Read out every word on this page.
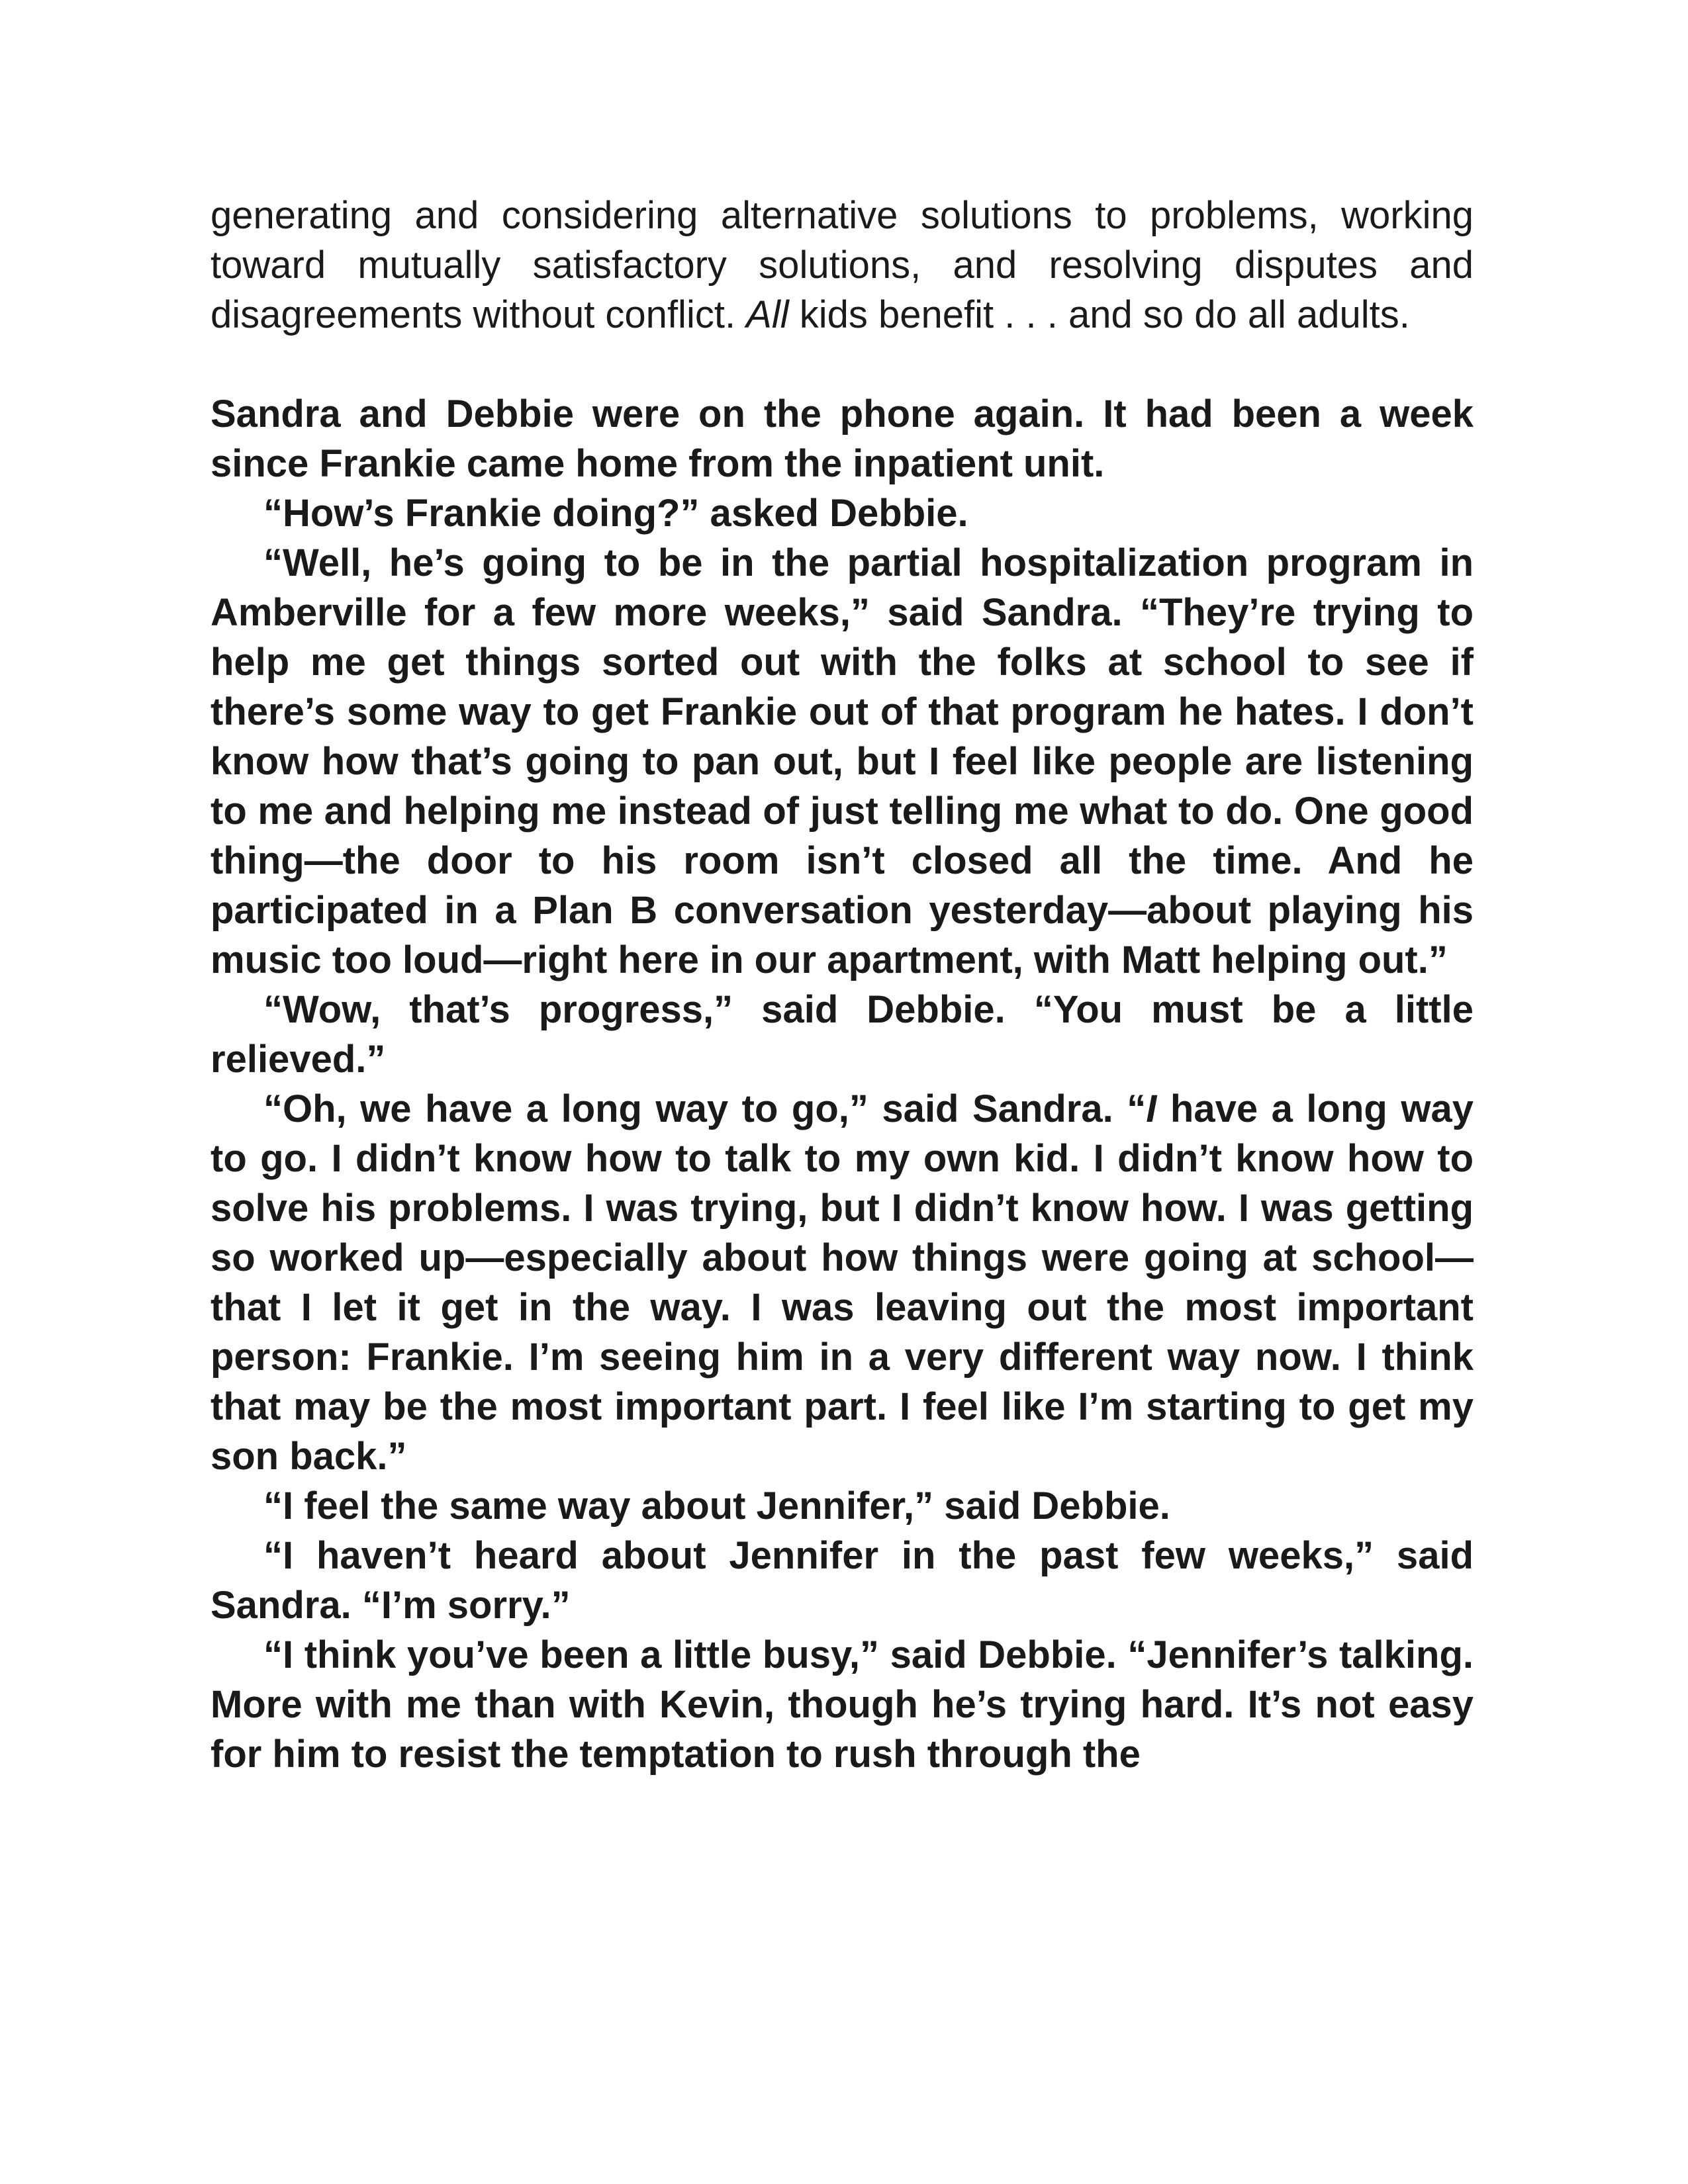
generating and considering alternative solutions to problems, working toward mutually satisfactory solutions, and resolving disputes and disagreements without conflict. All kids benefit . . . and so do all adults.

Sandra and Debbie were on the phone again. It had been a week since Frankie came home from the inpatient unit.

“How’s Frankie doing?” asked Debbie.

“Well, he’s going to be in the partial hospitalization program in Amberville for a few more weeks,” said Sandra. “They’re trying to help me get things sorted out with the folks at school to see if there’s some way to get Frankie out of that program he hates. I don’t know how that’s going to pan out, but I feel like people are listening to me and helping me instead of just telling me what to do. One good thing—the door to his room isn’t closed all the time. And he participated in a Plan B conversation yesterday—about playing his music too loud—right here in our apartment, with Matt helping out.”

“Wow, that’s progress,” said Debbie. “You must be a little relieved.”

“Oh, we have a long way to go,” said Sandra. “I have a long way to go. I didn’t know how to talk to my own kid. I didn’t know how to solve his problems. I was trying, but I didn’t know how. I was getting so worked up—especially about how things were going at school—that I let it get in the way. I was leaving out the most important person: Frankie. I’m seeing him in a very different way now. I think that may be the most important part. I feel like I’m starting to get my son back.”

“I feel the same way about Jennifer,” said Debbie.

“I haven’t heard about Jennifer in the past few weeks,” said Sandra. “I’m sorry.”

“I think you’ve been a little busy,” said Debbie. “Jennifer’s talking. More with me than with Kevin, though he’s trying hard. It’s not easy for him to resist the temptation to rush through the
